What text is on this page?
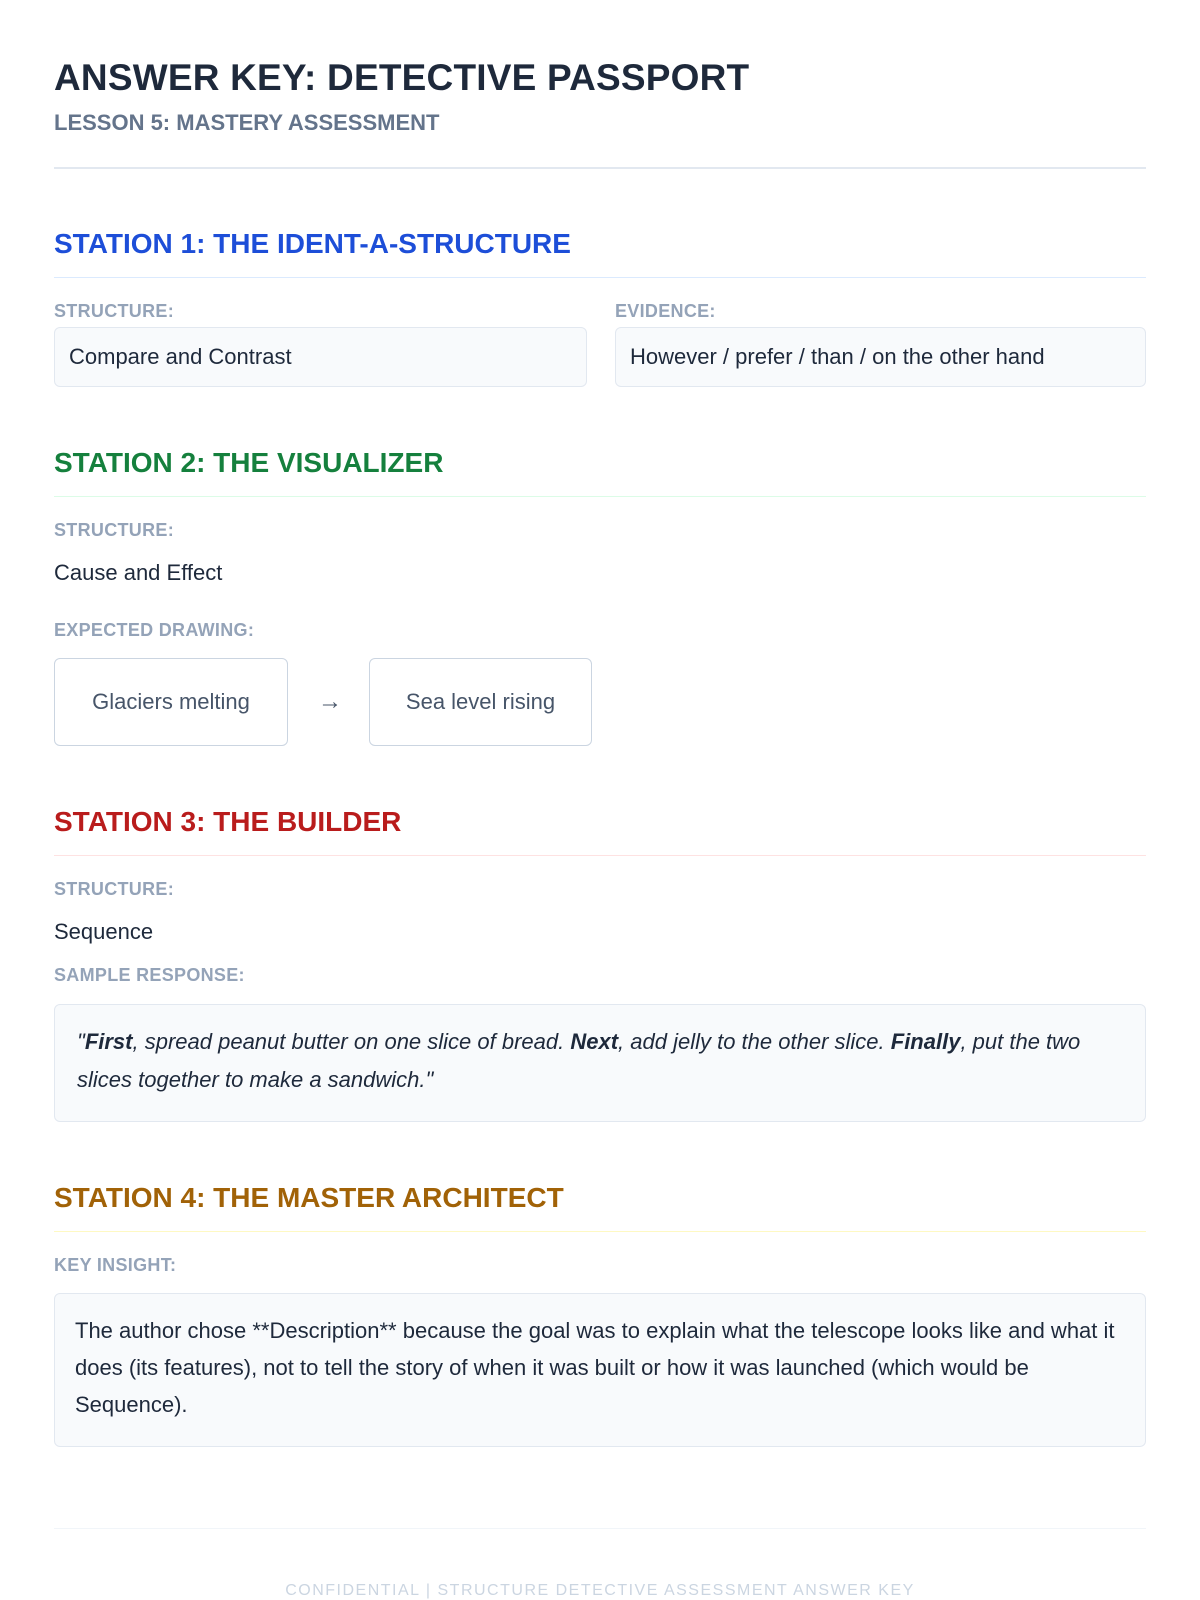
ANSWER KEY: DETECTIVE PASSPORT
LESSON 5: MASTERY ASSESSMENT
STATION 1: THE IDENT-A-STRUCTURE
STRUCTURE:
Compare and Contrast
EVIDENCE:
However / prefer / than / on the other hand
STATION 2: THE VISUALIZER
STRUCTURE:
Cause and Effect
EXPECTED DRAWING:
Glaciers melting	→	Sea level rising
STATION 3: THE BUILDER
STRUCTURE:
Sequence
SAMPLE RESPONSE:
"First, spread peanut butter on one slice of bread. Next, add jelly to the other slice. Finally, put the two slices together to make a sandwich."
STATION 4: THE MASTER ARCHITECT
KEY INSIGHT:
The author chose **Description** because the goal was to explain what the telescope looks like and what it does (its features), not to tell the story of when it was built or how it was launched (which would be Sequence).
CONFIDENTIAL | STRUCTURE DETECTIVE ASSESSMENT ANSWER KEY
